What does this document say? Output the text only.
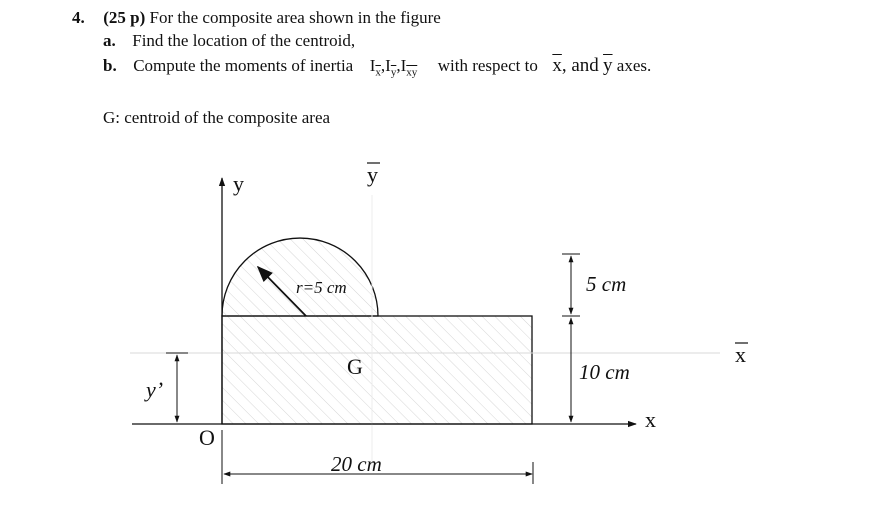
4. (25 p) For the composite area shown in the figure
a. Find the location of the centroid,
b. Compute the moments of inertia $I_{\overline{x}},I_{\overline{y}},I_{\overline{xy}}$ with respect to $\overline{x}$, and $\overline{y}$ axes.
G: centroid of the composite area
y	y
r=5 cm
G
O
x
x
y’
20 cm
5 cm
10 cm
